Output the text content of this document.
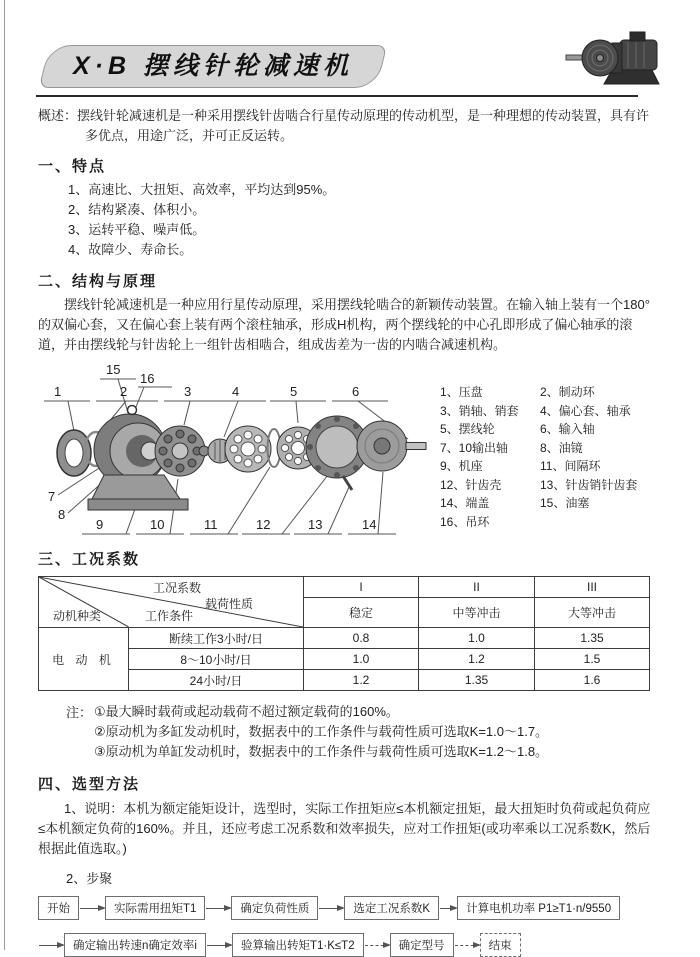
X·B 摆线针轮减速机

概述：摆线针轮减速机是一种采用摆线针齿啮合行星传动原理的传动机型，是一种理想的传动装置，具有许多优点，用途广泛，并可正反运转。

一、特点
1、高速比、大扭矩、高效率，平均达到95%。
2、结构紧凑、体积小。
3、运转平稳、噪声低。
4、故障少、寿命长。
二、结构与原理

摆线针轮减速机是一种应用行星传动原理，采用摆线轮啮合的新颖传动装置。在输入轴上装有一个180°的双偏心套，又在偏心套上装有两个滚柱轴承，形成H机构，两个摆线轮的中心孔即形成了偏心轴承的滚道，并由摆线轮与针齿轮上一组针齿相啮合，组成齿差为一齿的内啮合减速机构。

1	2	3	4	5	6
7
8
9	10	11	12	13	14
15
16
1、压盘	2、制动环
3、销轴、销套	4、偏心套、轴承
5、摆线轮	6、输入轴
7、10输出轴	8、油镜
9、机座	11、间隔环
12、针齿壳	13、针齿销针齿套
14、端盖	15、油塞
16、吊环
三、工况系数
工况系数
载荷性质
动机种类 工作条件		I	II	III
		稳定	中等冲击	大等冲击
电 动 机	断续工作3小时/日	0.8	1.0	1.35
	8～10小时/日	1.0	1.2	1.5
	24小时/日	1.2	1.35	1.6
注： ①最大瞬时载荷或起动载荷不超过额定载荷的160%。
②原动机为多缸发动机时，数据表中的工作条件与载荷性质可选取K=1.0～1.7。
③原动机为单缸发动机时，数据表中的工作条件与载荷性质可选取K=1.2～1.8。
四、选型方法

1、说明：本机为额定能矩设计，选型时，实际工作扭矩应≤本机额定扭矩，最大扭矩时负荷或起负荷应≤本机额定负荷的160%。并且，还应考虑工况系数和效率损失，应对工作扭矩(或功率乘以工况系数K，然后根据此值选取。)

2、步聚
开始	实际需用扭矩T1	确定负荷性质	选定工况系数K	计算电机功率 P1≥T1·n/9550
确定输出转速n确定效率i	验算输出转矩T1·K≤T2	确定型号	结束
